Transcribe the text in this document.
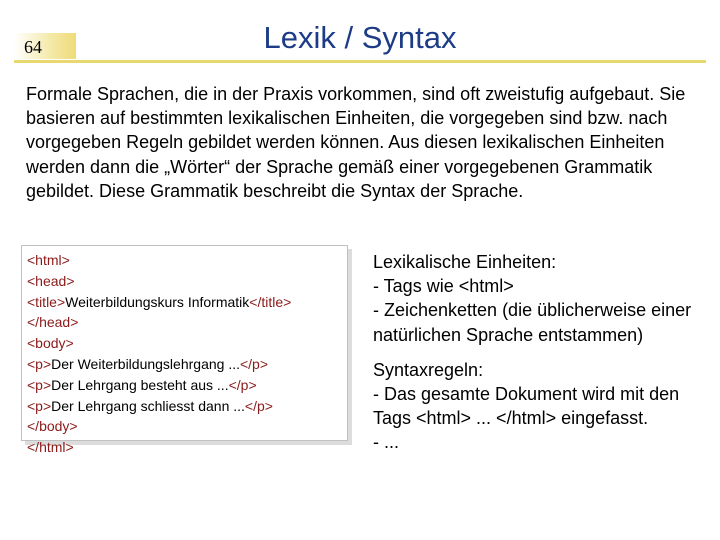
64	Lexik / Syntax

Formale Sprachen, die in der Praxis vorkommen, sind oft zweistufig aufgebaut. Sie basieren auf bestimmten lexikalischen Einheiten, die vorgegeben sind bzw. nach vorgegeben Regeln gebildet werden können. Aus diesen lexikalischen Einheiten werden dann die „Wörter“ der Sprache gemäß einer vorgegebenen Grammatik gebildet. Diese Grammatik beschreibt die Syntax der Sprache.

<html>
<head>
<title>Weiterbildungskurs Informatik</title>
</head>
<body>
<p>Der Weiterbildungslehrgang ...</p>
<p>Der Lehrgang besteht aus ...</p>
<p>Der Lehrgang schliesst dann ...</p>
</body>
</html>

Lexikalische Einheiten:

- Tags wie <html>

- Zeichenketten (die üblicherweise einer natürlichen Sprache entstammen)

Syntaxregeln:

- Das gesamte Dokument wird mit den Tags <html> ... </html> eingefasst.

- ...
